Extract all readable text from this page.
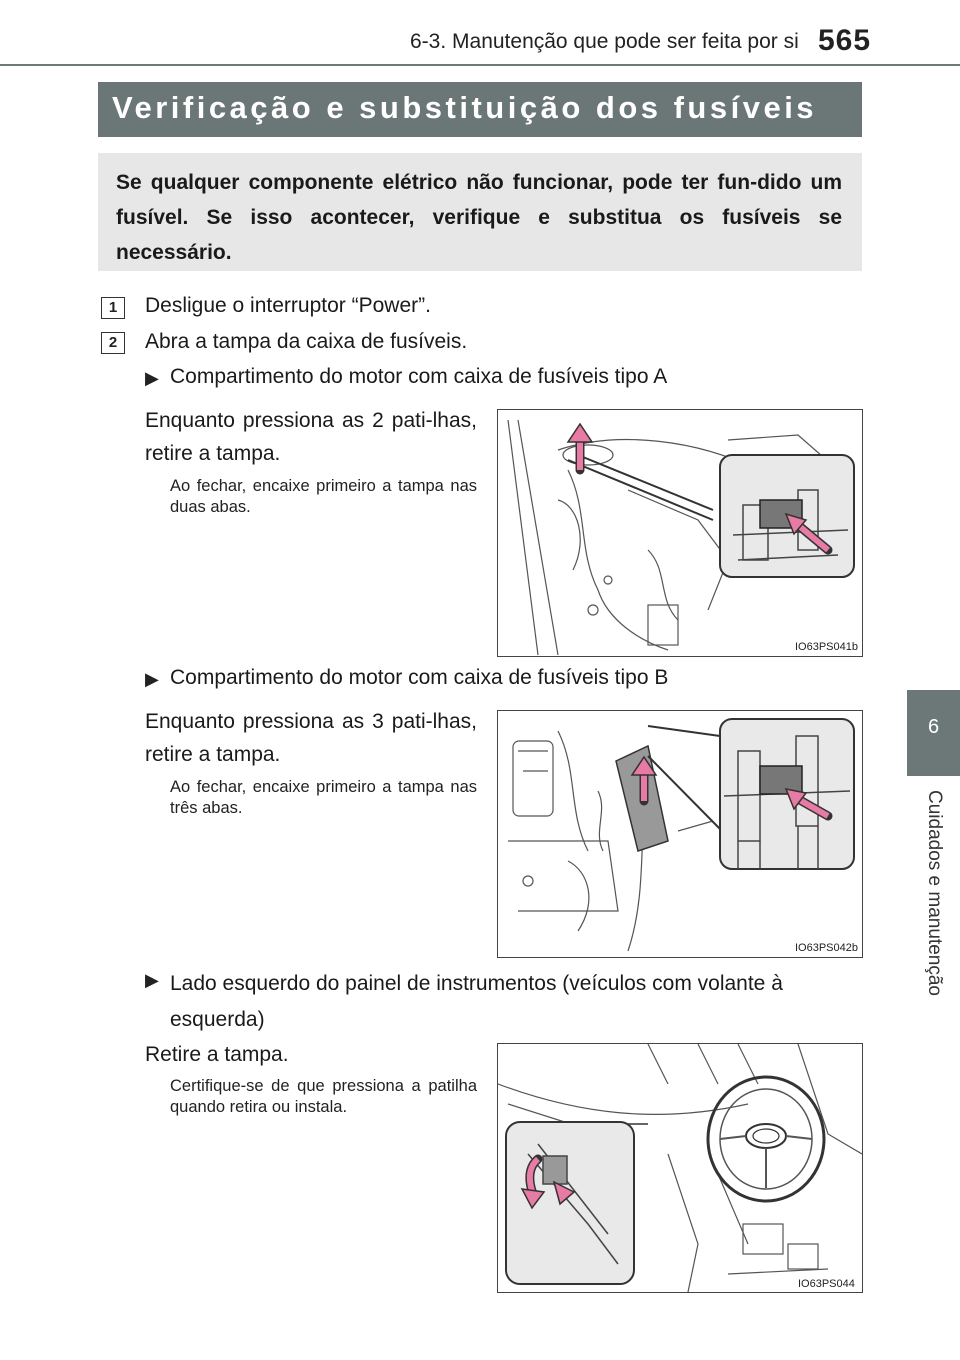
6-3. Manutenção que pode ser feita por si 565
6
Cuidados e manutenção
Verificação e substituição dos fusíveis
Se qualquer componente elétrico não funcionar, pode ter fun-dido um fusível. Se isso acontecer, verifique e substitua os fusíveis se necessário.
1	Desligue o interruptor “Power”.
2	Abra a tampa da caixa de fusíveis.
▶ Compartimento do motor com caixa de fusíveis tipo A
Enquanto pressiona as 2 pati-lhas, retire a tampa.
Ao fechar, encaixe primeiro a tampa nas duas abas.
IO63PS041b
▶ Compartimento do motor com caixa de fusíveis tipo B
Enquanto pressiona as 3 pati-lhas, retire a tampa.
Ao fechar, encaixe primeiro a tampa nas três abas.
IO63PS042b
▶ Lado esquerdo do painel de instrumentos (veículos com volante à esquerda)
Retire a tampa.
Certifique-se de que pressiona a patilha quando retira ou instala.
IO63PS044
